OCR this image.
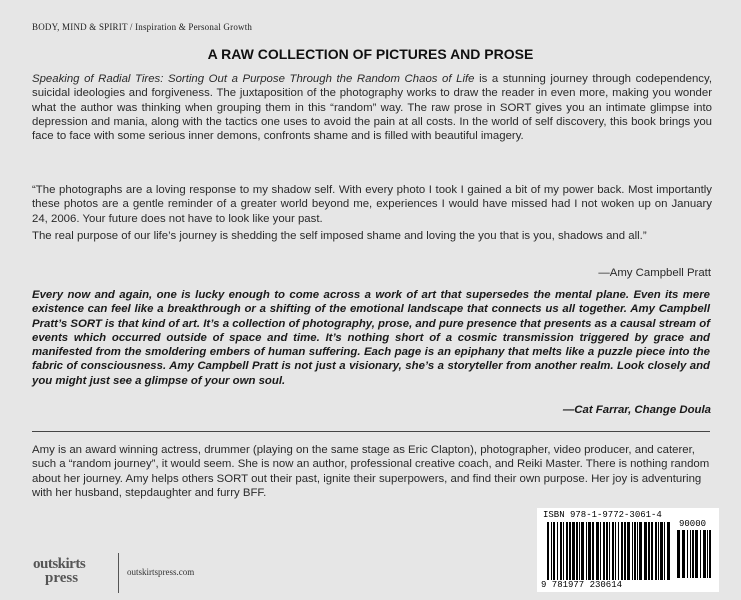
BODY, MIND & SPIRIT / Inspiration & Personal Growth
A RAW COLLECTION OF PICTURES AND PROSE
Speaking of Radial Tires: Sorting Out a Purpose Through the Random Chaos of Life is a stunning journey through codependency, suicidal ideologies and forgiveness. The juxtaposition of the photography works to draw the reader in even more, making you wonder what the author was thinking when grouping them in this “random” way. The raw prose in SORT gives you an intimate glimpse into depression and mania, along with the tactics one uses to avoid the pain at all costs. In the world of self discovery, this book brings you face to face with some serious inner demons, confronts shame and is filled with beautiful imagery.
“The photographs are a loving response to my shadow self. With every photo I took I gained a bit of my power back. Most importantly these photos are a gentle reminder of a greater world beyond me, experiences I would have missed had I not woken up on January 24, 2006. Your future does not have to look like your past.
The real purpose of our life’s journey is shedding the self imposed shame and loving the you that is you, shadows and all.”
—Amy Campbell Pratt
Every now and again, one is lucky enough to come across a work of art that supersedes the mental plane. Even its mere existence can feel like a breakthrough or a shifting of the emotional landscape that connects us all together. Amy Campbell Pratt’s SORT is that kind of art. It’s a collection of photography, prose, and pure presence that presents as a causal stream of events which occurred outside of space and time. It’s nothing short of a cosmic transmission triggered by grace and manifested from the smoldering embers of human suffering. Each page is an epiphany that melts like a puzzle piece into the fabric of consciousness. Amy Campbell Pratt is not just a visionary, she’s a storyteller from another realm. Look closely and you might just see a glimpse of your own soul.
—Cat Farrar, Change Doula
Amy is an award winning actress, drummer (playing on the same stage as Eric Clapton), photographer, video producer, and caterer, such a “random journey”, it would seem. She is now an author, professional creative coach, and Reiki Master. There is nothing random about her journey. Amy helps others SORT out their past, ignite their superpowers, and find their own purpose. Her joy is adventuring with her husband, stepdaughter and furry BFF.
ISBN 978-1-9772-3061-4
90000
9 781977 230614
outskirts
press	outskirtspress.com
